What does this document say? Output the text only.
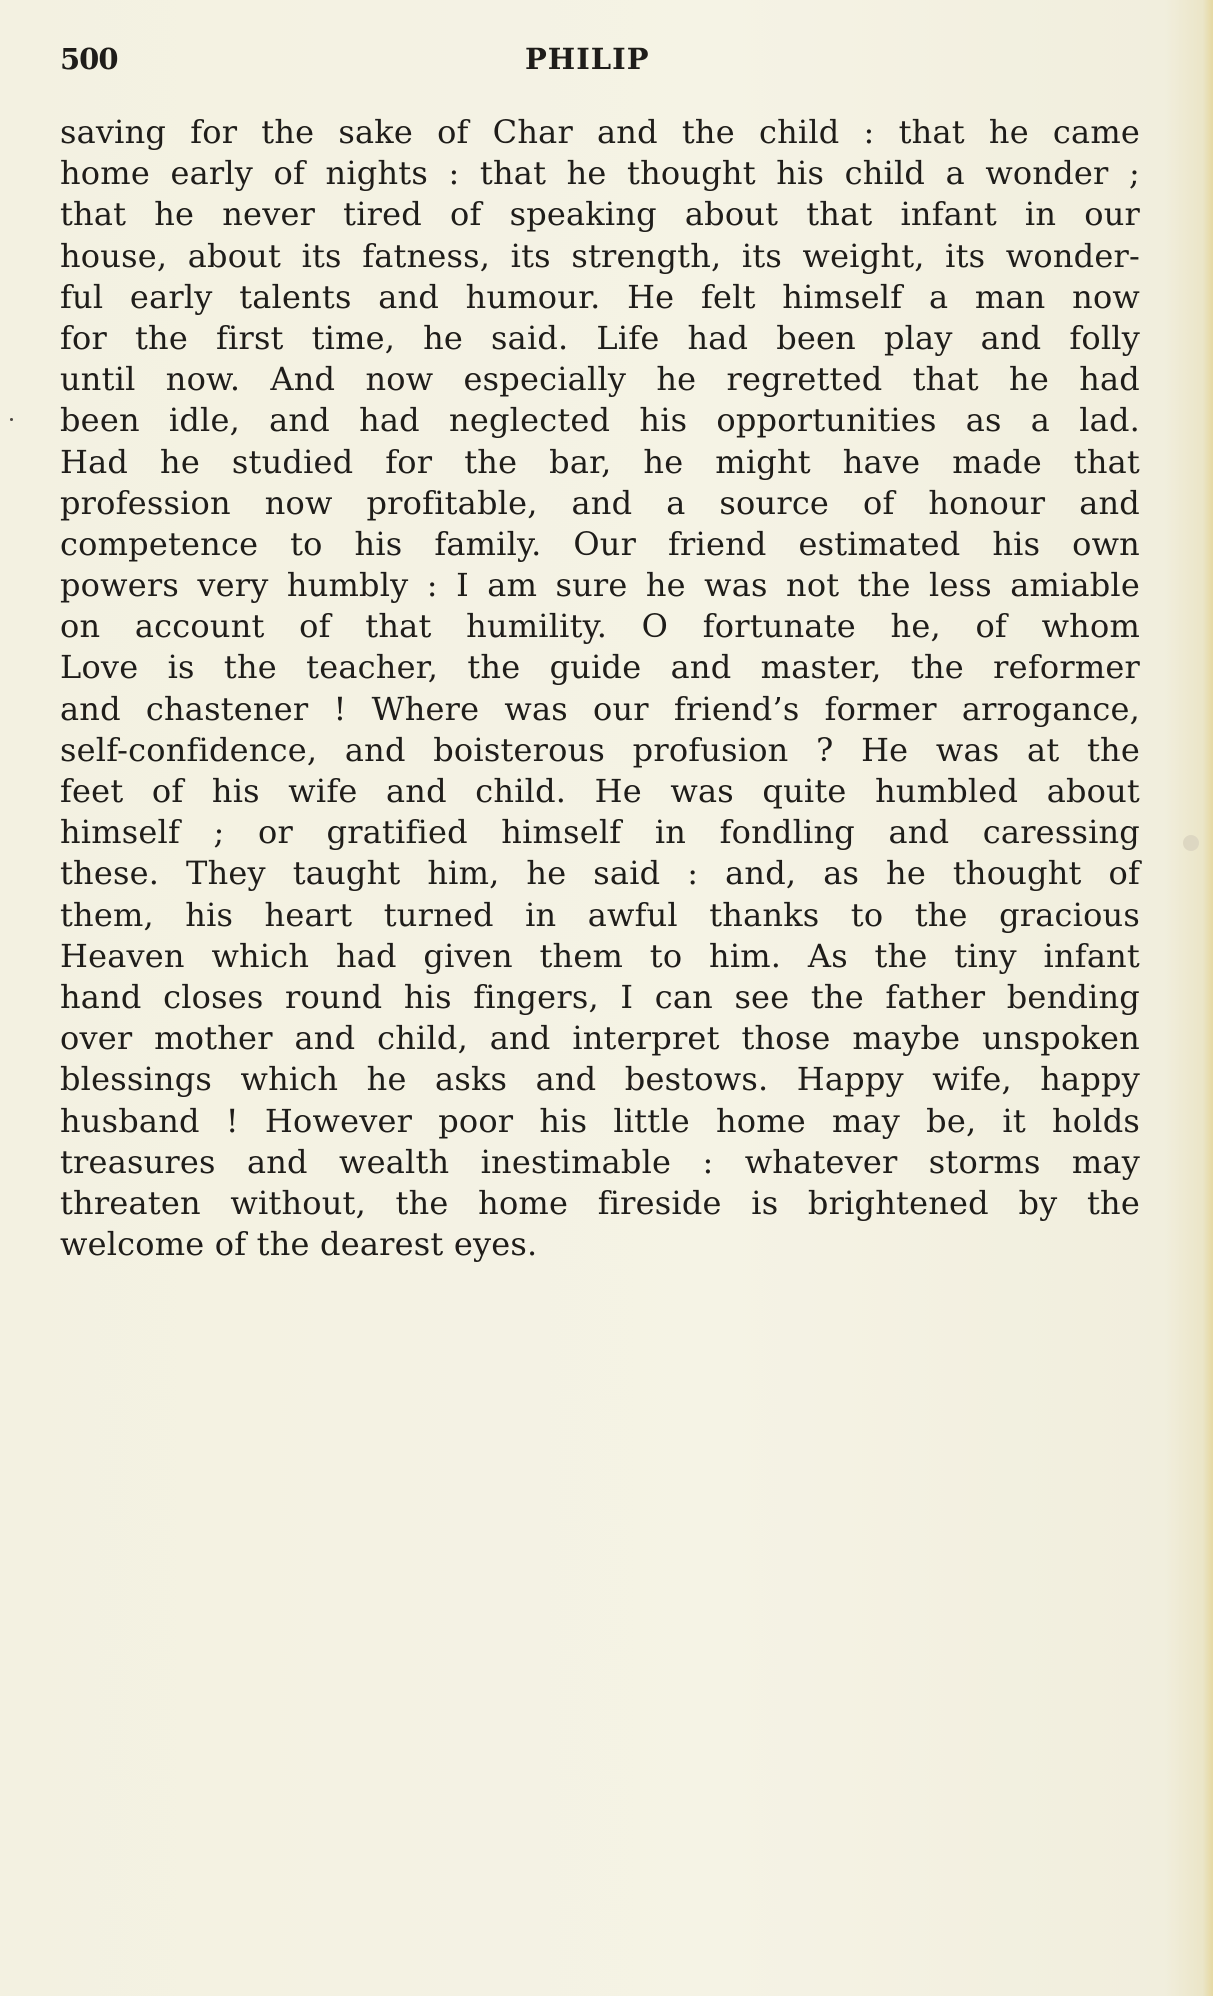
500	PHILIP
saving for the sake of Char and the child : that he came
home early of nights : that he thought his child a wonder ;
that he never tired of speaking about that infant in our
house, about its fatness, its strength, its weight, its wonder-
ful early talents and humour. He felt himself a man now
for the first time, he said. Life had been play and folly
until now. And now especially he regretted that he had
been idle, and had neglected his opportunities as a lad.
Had he studied for the bar, he might have made that
profession now profitable, and a source of honour and
competence to his family. Our friend estimated his own
powers very humbly : I am sure he was not the less amiable
on account of that humility. O fortunate he, of whom
Love is the teacher, the guide and master, the reformer
and chastener ! Where was our friend’s former arrogance,
self-confidence, and boisterous profusion ? He was at the
feet of his wife and child. He was quite humbled about
himself ; or gratified himself in fondling and caressing
these. They taught him, he said : and, as he thought of
them, his heart turned in awful thanks to the gracious
Heaven which had given them to him. As the tiny infant
hand closes round his fingers, I can see the father bending
over mother and child, and interpret those maybe unspoken
blessings which he asks and bestows. Happy wife, happy
husband ! However poor his little home may be, it holds
treasures and wealth inestimable : whatever storms may
threaten without, the home fireside is brightened by the
welcome of the dearest eyes.
